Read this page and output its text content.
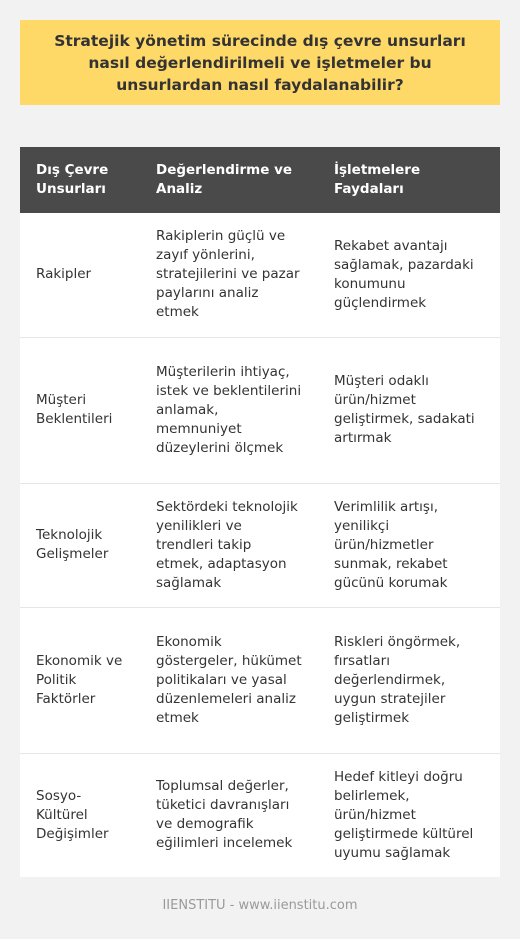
Stratejik yönetim sürecinde dış çevre unsurları nasıl değerlendirilmeli ve işletmeler bu unsurlardan nasıl faydalanabilir?
Dış Çevre Unsurları	Değerlendirme ve Analiz	İşletmelere Faydaları
Rakipler	Rakiplerin güçlü ve zayıf yönlerini, stratejilerini ve pazar paylarını analiz etmek	Rekabet avantajı sağlamak, pazardaki konumunu güçlendirmek
Müşteri Beklentileri	Müşterilerin ihtiyaç, istek ve beklentilerini anlamak, memnuniyet düzeylerini ölçmek	Müşteri odaklı ürün/hizmet geliştirmek, sadakati artırmak
Teknolojik Gelişmeler	Sektördeki teknolojik yenilikleri ve trendleri takip etmek, adaptasyon sağlamak	Verimlilik artışı, yenilikçi ürün/hizmetler sunmak, rekabet gücünü korumak
Ekonomik ve Politik Faktörler	Ekonomik göstergeler, hükümet politikaları ve yasal düzenlemeleri analiz etmek	Riskleri öngörmek, fırsatları değerlendirmek, uygun stratejiler geliştirmek
Sosyo-Kültürel Değişimler	Toplumsal değerler, tüketici davranışları ve demografik eğilimleri incelemek	Hedef kitleyi doğru belirlemek, ürün/hizmet geliştirmede kültürel uyumu sağlamak
IIENSTITU - www.iienstitu.com
